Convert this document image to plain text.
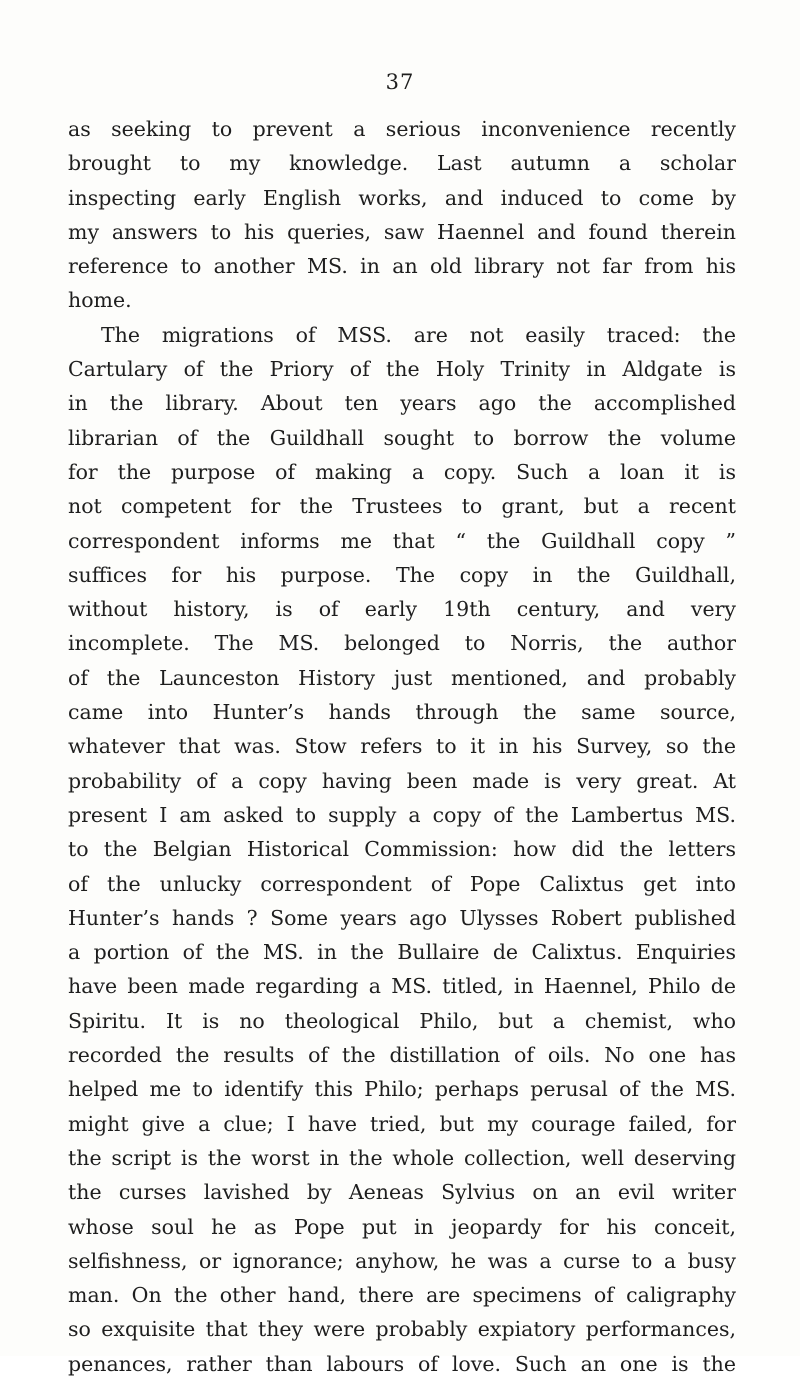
37
as seeking to prevent a serious inconvenience recently
brought to my knowledge. Last autumn a scholar
inspecting early English works, and induced to come by
my answers to his queries, saw Haennel and found therein
reference to another MS. in an old library not far from his
home.
The migrations of MSS. are not easily traced: the
Cartulary of the Priory of the Holy Trinity in Aldgate is
in the library. About ten years ago the accomplished
librarian of the Guildhall sought to borrow the volume
for the purpose of making a copy. Such a loan it is
not competent for the Trustees to grant, but a recent
correspondent informs me that “ the Guildhall copy ”
suffices for his purpose. The copy in the Guildhall,
without history, is of early 19th century, and very
incomplete. The MS. belonged to Norris, the author
of the Launceston History just mentioned, and probably
came into Hunter’s hands through the same source,
whatever that was. Stow refers to it in his Survey, so the
probability of a copy having been made is very great. At
present I am asked to supply a copy of the Lambertus MS.
to the Belgian Historical Commission: how did the letters
of the unlucky correspondent of Pope Calixtus get into
Hunter’s hands ? Some years ago Ulysses Robert published
a portion of the MS. in the Bullaire de Calixtus. Enquiries
have been made regarding a MS. titled, in Haennel, Philo de
Spiritu. It is no theological Philo, but a chemist, who
recorded the results of the distillation of oils. No one has
helped me to identify this Philo; perhaps perusal of the MS.
might give a clue; I have tried, but my courage failed, for
the script is the worst in the whole collection, well deserving
the curses lavished by Aeneas Sylvius on an evil writer
whose soul he as Pope put in jeopardy for his conceit,
selfishness, or ignorance; anyhow, he was a curse to a busy
man. On the other hand, there are specimens of caligraphy
so exquisite that they were probably expiatory performances,
penances, rather than labours of love. Such an one is the
